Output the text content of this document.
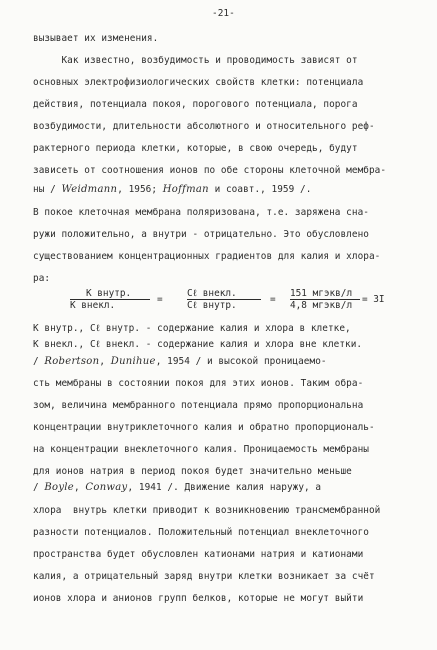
-21-
вызывает их изменения.
Как известно, возбудимость и проводимость зависят от
основных электрофизиологических свойств клетки: потенциала
действия, потенциала покоя, порогового потенциала, порога
возбудимости, длительности абсолютного и относительного реф-
рактерного периода клетки, которые, в свою очередь, будут
зависеть от соотношения ионов по обе стороны клеточной мембра-
ны / Weidmann, 1956; Hoffman и соавт., 1959 /.
В покое клеточная мембрана поляризована, т.е. заряжена сна-
ружи положительно, а внутри - отрицательно. Это обусловлено
существованием концентрационных градиентов для калия и хлора-
ра:
К внутр.
К внекл.
=
Cℓ внекл.
Cℓ внутр.
=
151 мгэкв/л
4,8 мгэкв/л
= 3I
К внутр., Cℓ внутр. - содержание калия и хлора в клетке,
К внекл., Cℓ внекл. - содержание калия и хлора вне клетки.
/ Robertson, Dunihue, 1954 / и высокой проницаемо-
сть мембраны в состоянии покоя для этих ионов. Таким обра-
зом, величина мембранного потенциала прямо пропорциональна
концентрации внутриклеточного калия и обратно пропорциональ-
на концентрации внеклеточного калия. Проницаемость мембраны
для ионов натрия в период покоя будет значительно меньше
/ Boyle, Conway, 1941 /. Движение калия наружу, а
хлора  внутрь клетки приводит к возникновению трансмембранной
разности потенциалов. Положительный потенциал внеклеточного
пространства будет обусловлен катионами натрия и катионами
калия, а отрицательный заряд внутри клетки возникает за счёт
ионов хлора и анионов групп белков, которые не могут выйти
